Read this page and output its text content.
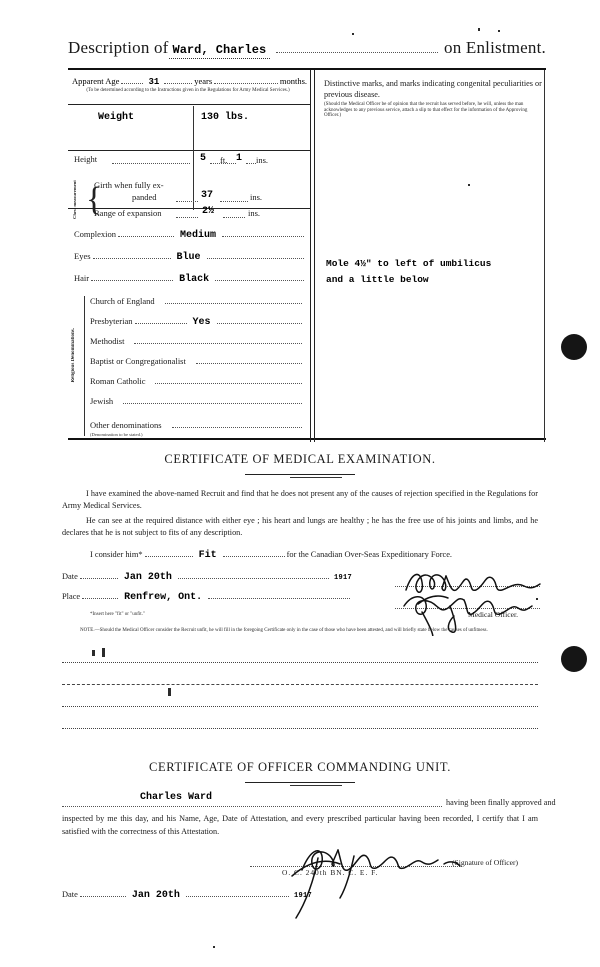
Description of Ward, Charles	on Enlistment.
Apparent Age	31	years	months.
(To be determined according to the Instructions given in the Regulations for Army Medical Services.)
Weight	130 lbs.
Height	5 ft. 1 ins.
Chest measurement {
Girth when fully ex-
panded	37	ins.
Range of expansion	2½	ins.
Complexion	Medium
Eyes	Blue
Hair	Black
Religious Denominations.
Church of England
Presbyterian	Yes
Methodist
Baptist or Congregationalist
Roman Catholic
Jewish
Other denominations
(Denomination to be stated.)
Distinctive marks, and marks indicating congenital peculiarities or previous disease.
(Should the Medical Officer be of opinion that the recruit has served before, he will, unless the man acknowledges to any previous service, attach a slip to that effect for the information of the Approving Officer.)
Mole 4½" to left of umbilicus
and a little below
CERTIFICATE OF MEDICAL EXAMINATION.
I have examined the above-named Recruit and find that he does not present any of the causes of rejection specified in the Regulations for Army Medical Services.
He can see at the required distance with either eye ; his heart and lungs are healthy ; he has the free use of his joints and limbs, and he declares that he is not subject to fits of any description.
I consider him *	Fit	for the Canadian Over-Seas Expeditionary Force.
Date	Jan 20th	1917
Place	Renfrew, Ont.
Medical Officer.
*Insert here "fit" or "unfit."
NOTE.—Should the Medical Officer consider the Recruit unfit, he will fill in the foregoing Certificate only in the case of those who have been attested, and will briefly state below the causes of unfitness.
CERTIFICATE OF OFFICER COMMANDING UNIT.
Charles Ward	having been finally approved and
inspected by me this day, and his Name, Age, Date of Attestation, and every prescribed particular having been recorded, I certify that I am satisfied with the correctness of this Attestation.
(Signature of Officer)
O. C. 240th BN. C. E. F.
Date	Jan 20th	1917
